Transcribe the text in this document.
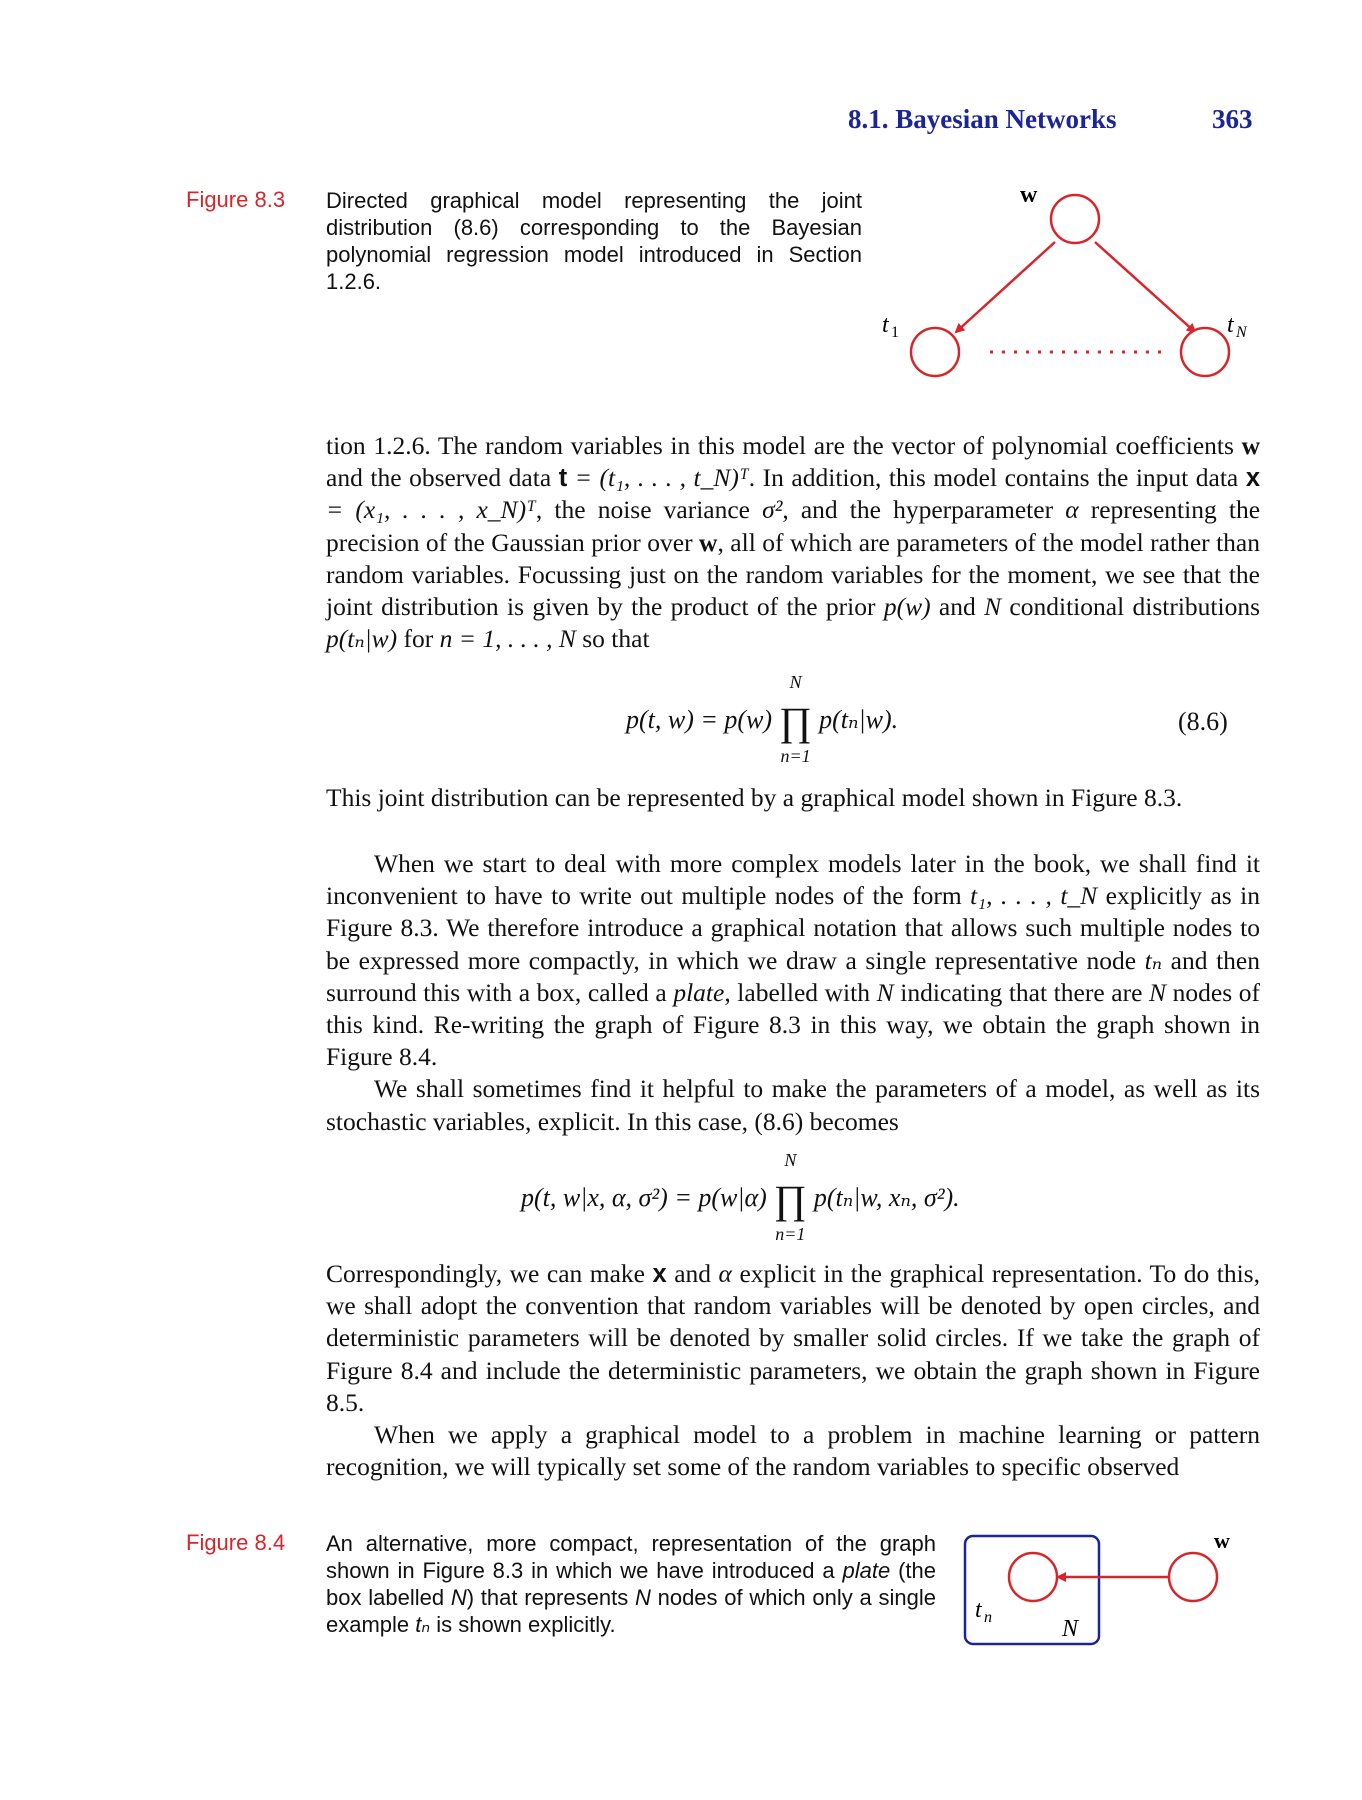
8.1. Bayesian Networks	363
Figure 8.3 Directed graphical model representing the joint distribution (8.6) corresponding to the Bayesian polynomial regression model introduced in Section 1.2.6.
w
t 1	t N

tion 1.2.6. The random variables in this model are the vector of polynomial coefficients w and the observed data t = (t₁, . . . , t_N)ᵀ. In addition, this model contains the input data x = (x₁, . . . , x_N)ᵀ, the noise variance σ², and the hyperparameter α representing the precision of the Gaussian prior over w, all of which are parameters of the model rather than random variables. Focussing just on the random variables for the moment, we see that the joint distribution is given by the product of the prior p(w) and N conditional distributions p(tₙ|w) for n = 1, . . . , N so that

p(t, w) = p(w)
N
∏
n=1
p(tₙ|w).	(8.6)

This joint distribution can be represented by a graphical model shown in Figure 8.3.

When we start to deal with more complex models later in the book, we shall find it inconvenient to have to write out multiple nodes of the form t₁, . . . , t_N explicitly as in Figure 8.3. We therefore introduce a graphical notation that allows such multiple nodes to be expressed more compactly, in which we draw a single representative node tₙ and then surround this with a box, called a plate, labelled with N indicating that there are N nodes of this kind. Re-writing the graph of Figure 8.3 in this way, we obtain the graph shown in Figure 8.4.

We shall sometimes find it helpful to make the parameters of a model, as well as its stochastic variables, explicit. In this case, (8.6) becomes

p(t, w|x, α, σ²) = p(w|α)
N
∏
n=1
p(tₙ|w, xₙ, σ²).

Correspondingly, we can make x and α explicit in the graphical representation. To do this, we shall adopt the convention that random variables will be denoted by open circles, and deterministic parameters will be denoted by smaller solid circles. If we take the graph of Figure 8.4 and include the deterministic parameters, we obtain the graph shown in Figure 8.5.

When we apply a graphical model to a problem in machine learning or pattern recognition, we will typically set some of the random variables to specific observed

Figure 8.4 An alternative, more compact, representation of the graph shown in Figure 8.3 in which we have introduced a plate (the box labelled N) that represents N nodes of which only a single example tₙ is shown explicitly.
t n	N
w
